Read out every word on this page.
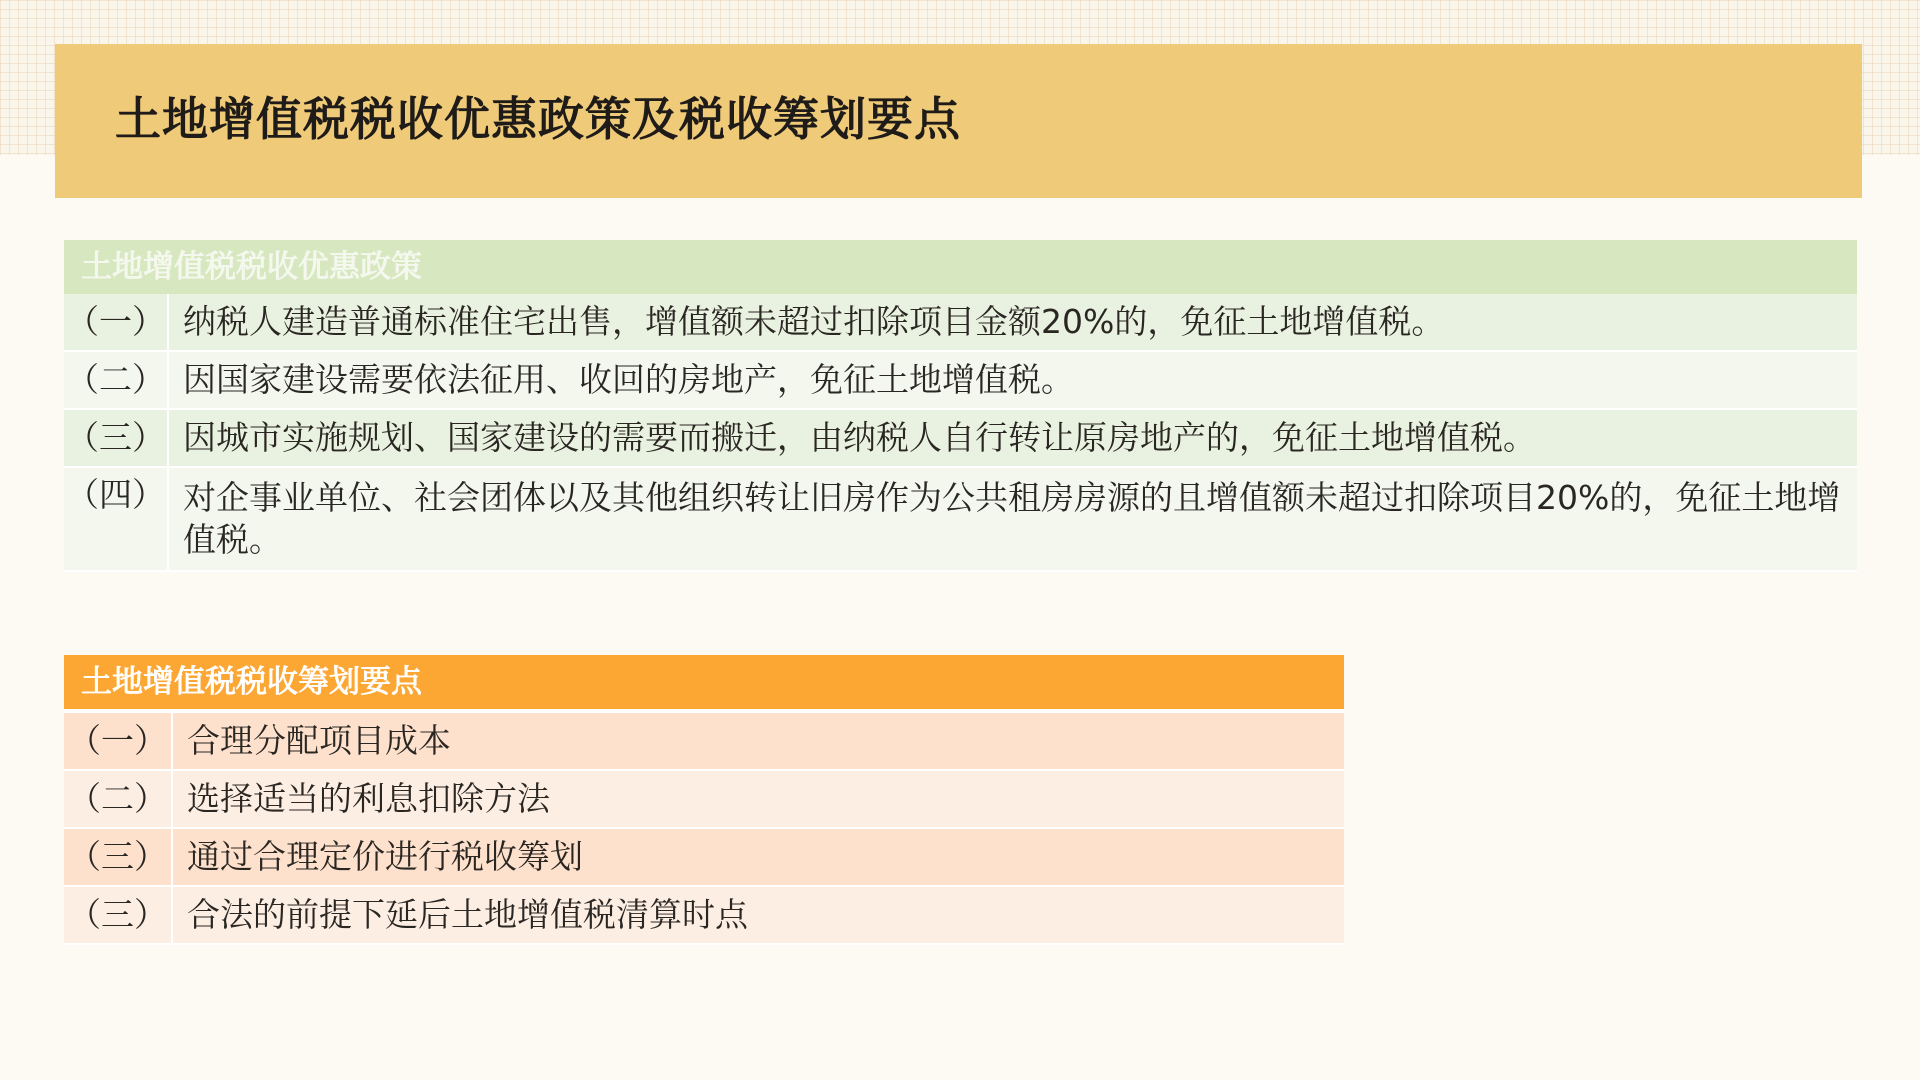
土地增值税税收优惠政策及税收筹划要点
土地增值税税收优惠政策	
（一）	纳税人建造普通标准住宅出售，增值额未超过扣除项目金额20%的，免征土地增值税。
（二）	因国家建设需要依法征用、收回的房地产，免征土地增值税。
（三）	因城市实施规划、国家建设的需要而搬迁，由纳税人自行转让原房地产的，免征土地增值税。
（四）	对企事业单位、社会团体以及其他组织转让旧房作为公共租房房源的且增值额未超过扣除项目20%的，免征土地增值税。
土地增值税税收筹划要点	
（一）	合理分配项目成本
（二）	选择适当的利息扣除方法
（三）	通过合理定价进行税收筹划
（三）	合法的前提下延后土地增值税清算时点
